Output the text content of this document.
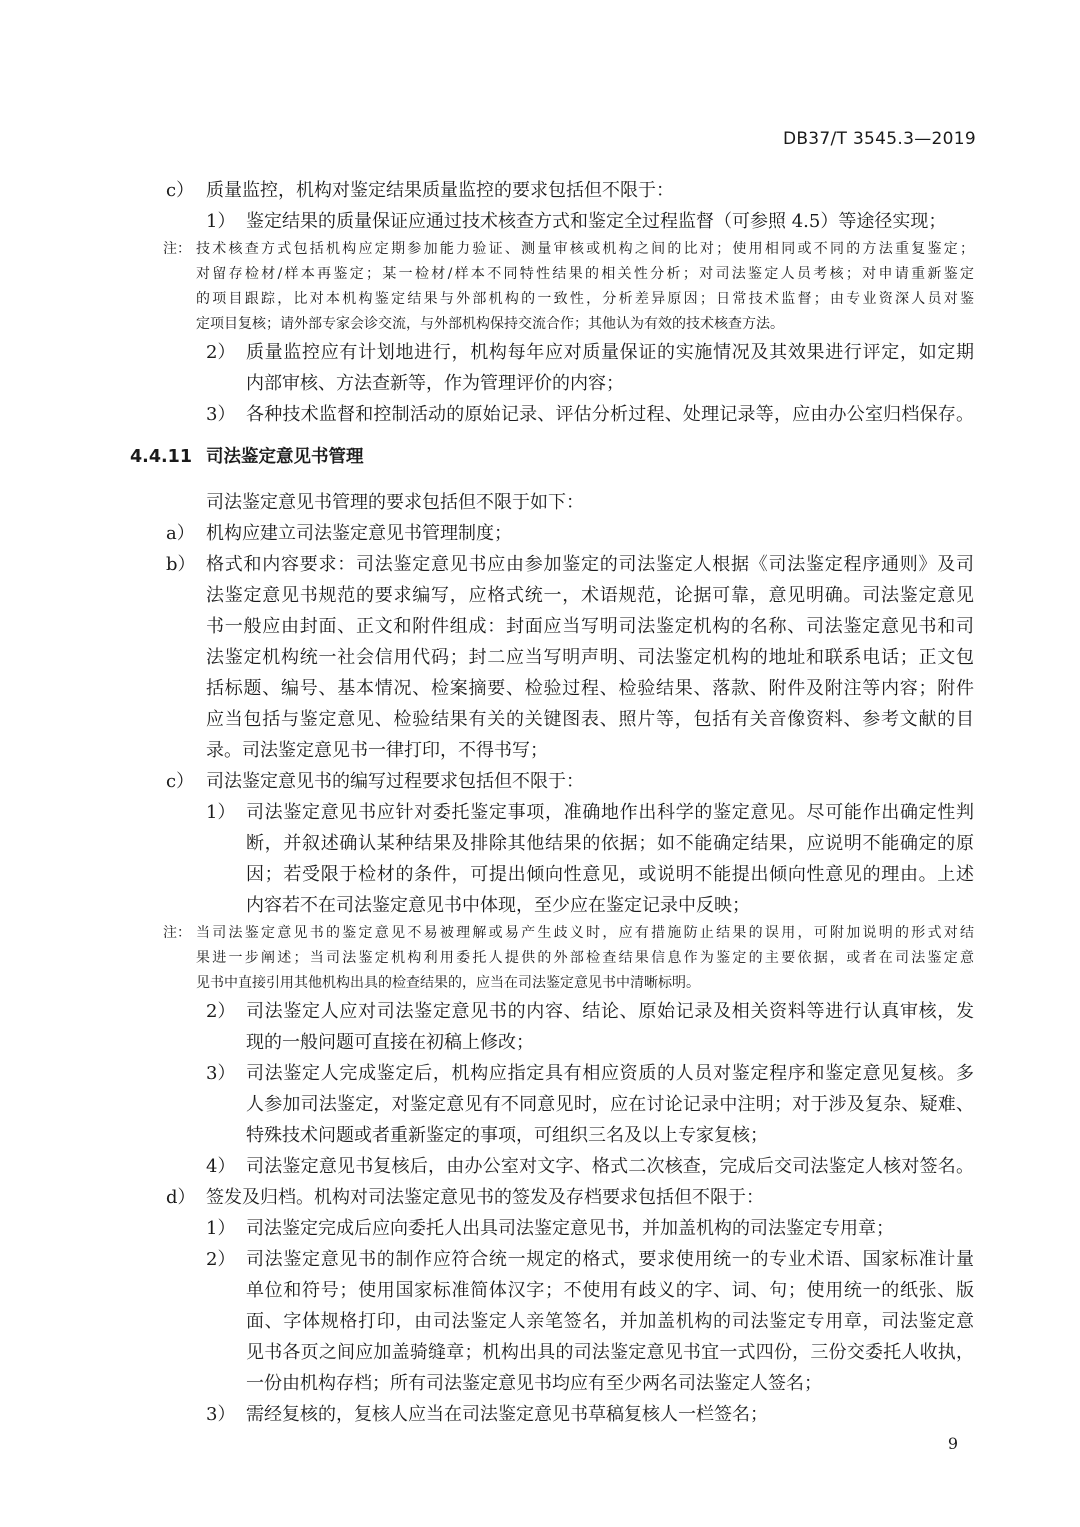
DB37/T 3545.3—2019
c） 质量监控，机构对鉴定结果质量监控的要求包括但不限于：
1） 鉴定结果的质量保证应通过技术核查方式和鉴定全过程监督（可参照 4.5）等途径实现；
注： 技术核查方式包括机构应定期参加能力验证、测量审核或机构之间的比对；使用相同或不同的方法重复鉴定；
对留存检材/样本再鉴定；某一检材/样本不同特性结果的相关性分析；对司法鉴定人员考核；对申请重新鉴定
的项目跟踪，比对本机构鉴定结果与外部机构的一致性，分析差异原因；日常技术监督；由专业资深人员对鉴
定项目复核；请外部专家会诊交流，与外部机构保持交流合作；其他认为有效的技术核查方法。
2） 质量监控应有计划地进行，机构每年应对质量保证的实施情况及其效果进行评定，如定期
内部审核、方法查新等，作为管理评价的内容；
3） 各种技术监督和控制活动的原始记录、评估分析过程、处理记录等，应由办公室归档保存。
4.4.11 司法鉴定意见书管理
司法鉴定意见书管理的要求包括但不限于如下：
a） 机构应建立司法鉴定意见书管理制度；
b） 格式和内容要求：司法鉴定意见书应由参加鉴定的司法鉴定人根据《司法鉴定程序通则》及司
法鉴定意见书规范的要求编写，应格式统一，术语规范，论据可靠，意见明确。司法鉴定意见
书一般应由封面、正文和附件组成：封面应当写明司法鉴定机构的名称、司法鉴定意见书和司
法鉴定机构统一社会信用代码；封二应当写明声明、司法鉴定机构的地址和联系电话；正文包
括标题、编号、基本情况、检案摘要、检验过程、检验结果、落款、附件及附注等内容；附件
应当包括与鉴定意见、检验结果有关的关键图表、照片等，包括有关音像资料、参考文献的目
录。司法鉴定意见书一律打印，不得书写；
c） 司法鉴定意见书的编写过程要求包括但不限于：
1） 司法鉴定意见书应针对委托鉴定事项，准确地作出科学的鉴定意见。尽可能作出确定性判
断，并叙述确认某种结果及排除其他结果的依据；如不能确定结果，应说明不能确定的原
因；若受限于检材的条件，可提出倾向性意见，或说明不能提出倾向性意见的理由。上述
内容若不在司法鉴定意见书中体现，至少应在鉴定记录中反映；
注： 当司法鉴定意见书的鉴定意见不易被理解或易产生歧义时，应有措施防止结果的误用，可附加说明的形式对结
果进一步阐述；当司法鉴定机构利用委托人提供的外部检查结果信息作为鉴定的主要依据，或者在司法鉴定意
见书中直接引用其他机构出具的检查结果的，应当在司法鉴定意见书中清晰标明。
2） 司法鉴定人应对司法鉴定意见书的内容、结论、原始记录及相关资料等进行认真审核，发
现的一般问题可直接在初稿上修改；
3） 司法鉴定人完成鉴定后，机构应指定具有相应资质的人员对鉴定程序和鉴定意见复核。多
人参加司法鉴定，对鉴定意见有不同意见时，应在讨论记录中注明；对于涉及复杂、疑难、
特殊技术问题或者重新鉴定的事项，可组织三名及以上专家复核；
4） 司法鉴定意见书复核后，由办公室对文字、格式二次核查，完成后交司法鉴定人核对签名。
d） 签发及归档。机构对司法鉴定意见书的签发及存档要求包括但不限于：
1） 司法鉴定完成后应向委托人出具司法鉴定意见书，并加盖机构的司法鉴定专用章；
2） 司法鉴定意见书的制作应符合统一规定的格式，要求使用统一的专业术语、国家标准计量
单位和符号；使用国家标准简体汉字；不使用有歧义的字、词、句；使用统一的纸张、版
面、字体规格打印，由司法鉴定人亲笔签名，并加盖机构的司法鉴定专用章，司法鉴定意
见书各页之间应加盖骑缝章；机构出具的司法鉴定意见书宜一式四份，三份交委托人收执，
一份由机构存档；所有司法鉴定意见书均应有至少两名司法鉴定人签名；
3） 需经复核的，复核人应当在司法鉴定意见书草稿复核人一栏签名；
9
